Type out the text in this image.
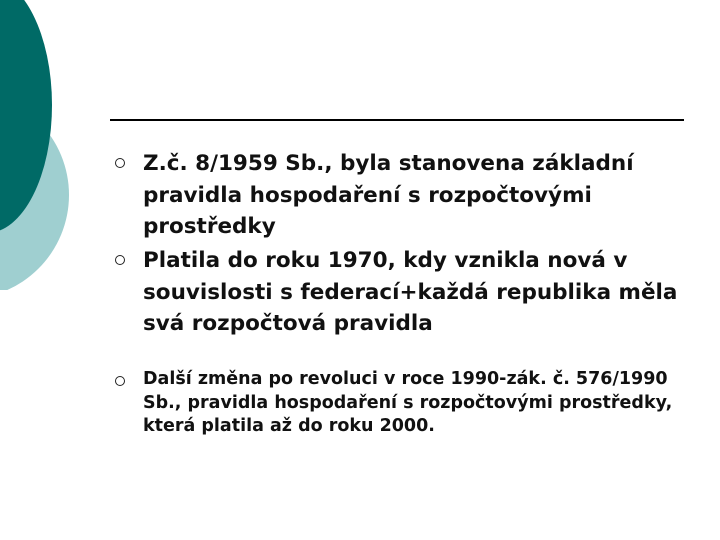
Z.č. 8/1959 Sb., byla stanovena základní pravidla hospodaření s rozpočtovými prostředky
Platila do roku 1970, kdy vznikla nová v souvislosti s federací+každá republika měla svá rozpočtová pravidla
Další změna po revoluci v roce 1990-zák. č. 576/1990 Sb., pravidla hospodaření s rozpočtovými prostředky, která platila až do roku 2000.
